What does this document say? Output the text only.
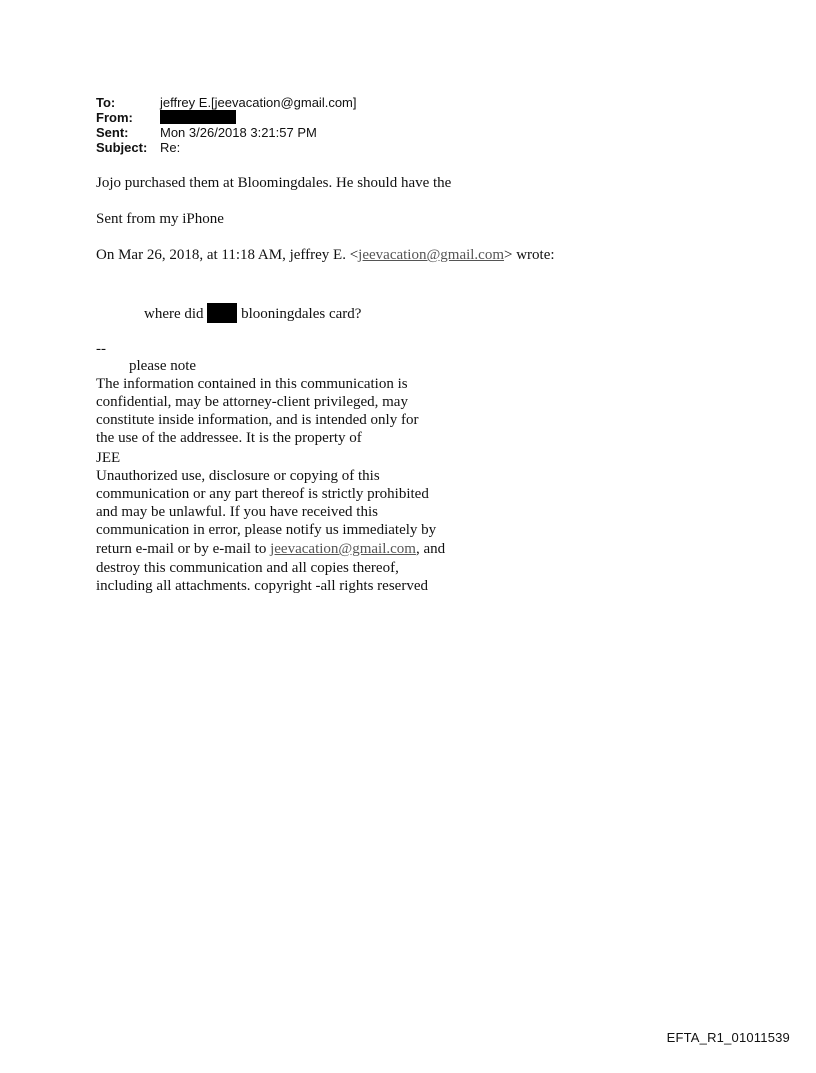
To:	jeffrey E.[jeevacation@gmail.com]
From:
Sent:	Mon 3/26/2018 3:21:57 PM
Subject: Re:
Jojo purchased them at Bloomingdales. He should have the
Sent from my iPhone
On Mar 26, 2018, at 11:18 AM, jeffrey E. <jeevacation@gmail.com> wrote:
where did  blooningdales card?
--
please note
The information contained in this communication is
confidential, may be attorney-client privileged, may
constitute inside information, and is intended only for
the use of the addressee. It is the property of
JEE
Unauthorized use, disclosure or copying of this
communication or any part thereof is strictly prohibited
and may be unlawful. If you have received this
communication in error, please notify us immediately by
return e-mail or by e-mail to jeevacation@gmail.com, and
destroy this communication and all copies thereof,
including all attachments. copyright -all rights reserved
EFTA_R1_01011539
